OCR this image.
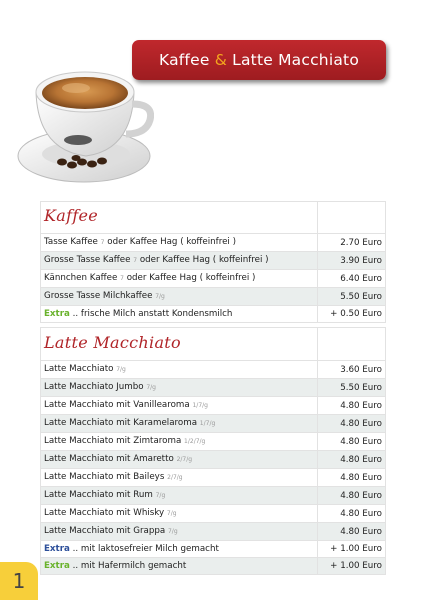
Kaffee & Latte Macchiato
Kaffee	
Tasse Kaffee 7 oder Kaffee Hag ( koffeinfrei )	2.70 Euro
Grosse Tasse Kaffee 7 oder Kaffee Hag ( koffeinfrei )	3.90 Euro
Kännchen Kaffee 7 oder Kaffee Hag ( koffeinfrei )	6.40 Euro
Grosse Tasse Milchkaffee 7/g	5.50 Euro
Extra .. frische Milch anstatt Kondensmilch	+ 0.50 Euro
Latte Macchiato	
Latte Macchiato 7/g	3.60 Euro
Latte Macchiato Jumbo 7/g	5.50 Euro
Latte Macchiato mit Vanillearoma 1/7/g	4.80 Euro
Latte Macchiato mit Karamelaroma 1/7/g	4.80 Euro
Latte Macchiato mit Zimtaroma 1/2/7/g	4.80 Euro
Latte Macchiato mit Amaretto 2/7/g	4.80 Euro
Latte Macchiato mit Baileys 2/7/g	4.80 Euro
Latte Macchiato mit Rum 7/g	4.80 Euro
Latte Macchiato mit Whisky 7/g	4.80 Euro
Latte Macchiato mit Grappa 7/g	4.80 Euro
Extra .. mit laktosefreier Milch gemacht	+ 1.00 Euro
Extra .. mit Hafermilch gemacht	+ 1.00 Euro
1
